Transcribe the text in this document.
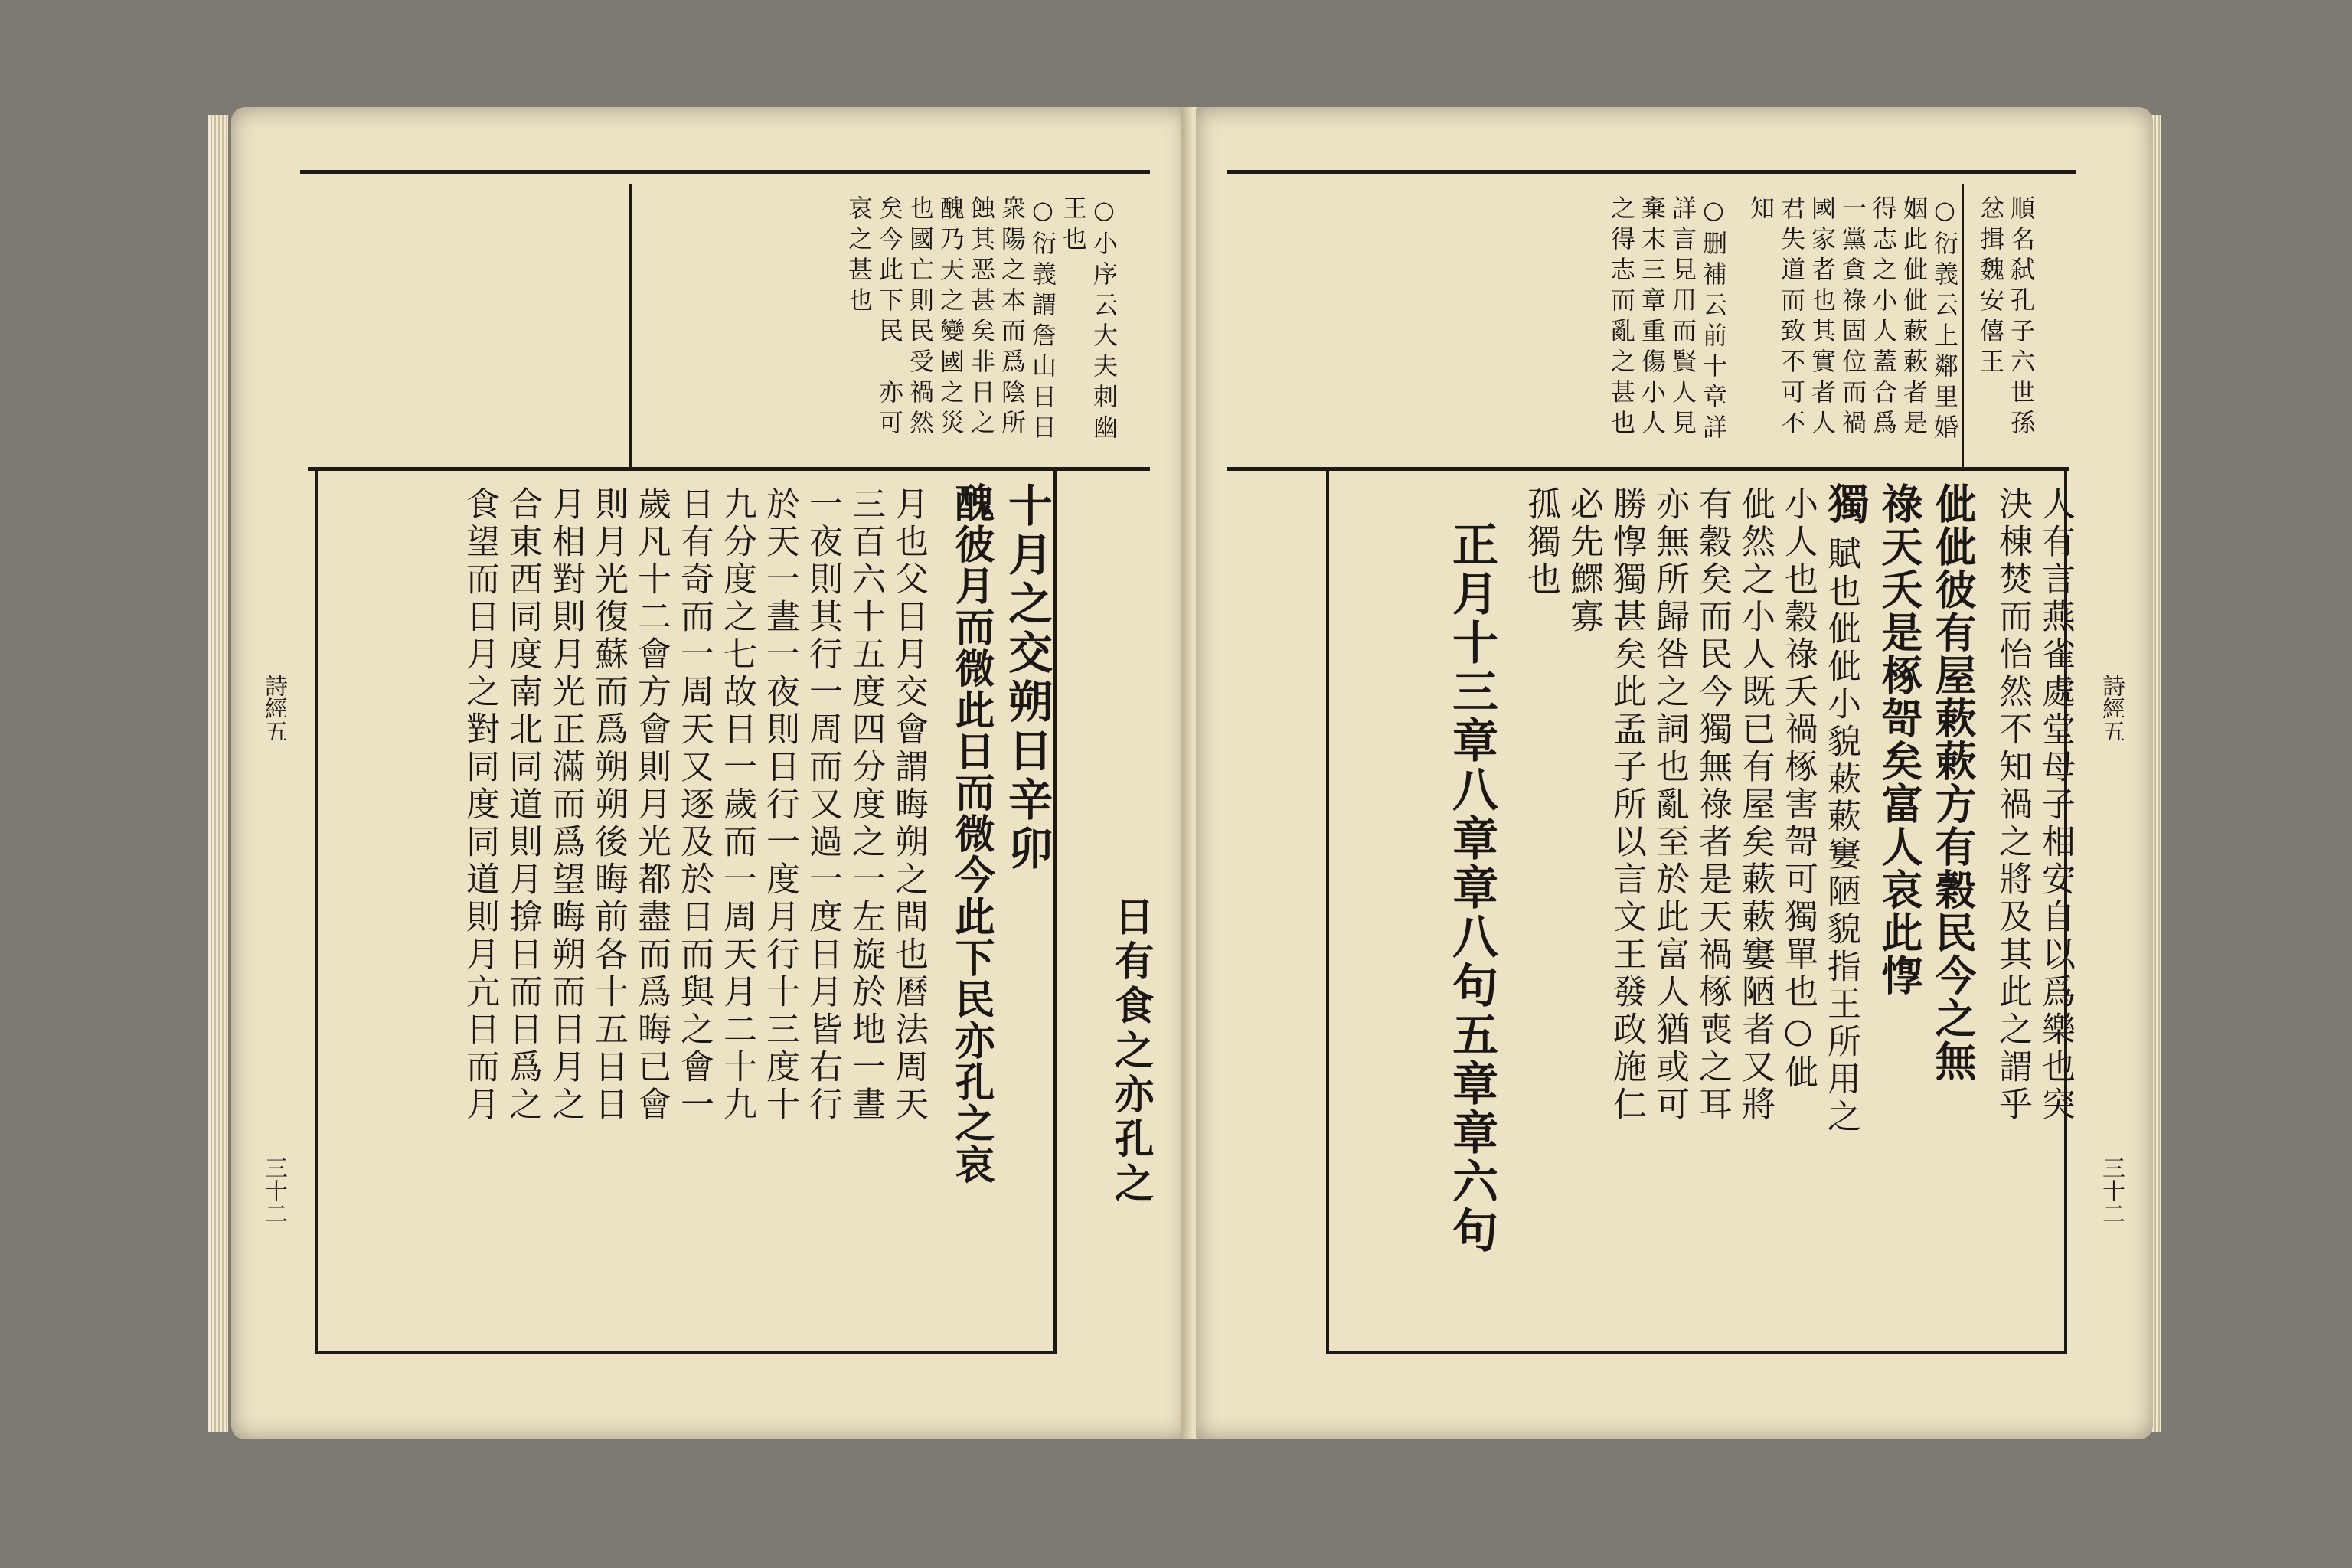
○小序云大夫刺幽
王也
○衍義謂詹山日日
衆陽之本而爲陰所
蝕其恶甚矣非日之
醜乃天之變國之災
也國亡則民受禍然
矣今此下民　亦可
哀之甚也
十月之交朔日辛卯
醜彼月而微此日而微今此下民亦孔之哀	日有食之亦孔之
月也父日月交會謂晦朔之間也曆法周天
三百六十五度四分度之一左旋於地一晝
一夜則其行一周而又過一度日月皆右行
於天一晝一夜則日行一度月行十三度十
九分度之七故日一歲而一周天月二十九
日有奇而一周天又逐及於日而與之會一
歲凡十二會方會則月光都盡而爲晦已會
則月光復蘇而爲朔朔後晦前各十五日日
月相對則月光正滿而爲望晦朔而日月之
合東西同度南北同道則月揜日而日爲之
食望而日月之對同度同道則月亢日而月
詩經五
三十二
順名弑孔子六世孫
忿揖魏安僖王
○衍義云上鄰里婚
姻此佌佌蔌蔌者是
得志之小人蓋合爲
一黨貪祿固位而禍
國家者也其實者人
君失道而致不可不
知
○删補云前十章詳
詳言見用而賢人見
棄末三章重傷小人
之得志而亂之甚也
人有言燕雀處堂母子相安自以爲樂也突
決棟焚而怡然不知禍之將及其此之謂乎
佌佌彼有屋蔌蔌方有穀民今之無
祿天夭是椓哿矣富人哀此惸
獨
賦也佌佌小貌蔌蔌窶陋貌指王所用之
小人也穀祿夭禍椓害哿可獨單也○佌
佌然之小人既已有屋矣蔌蔌窶陋者又將
有穀矣而民今獨無祿者是天禍椓喪之耳
亦無所歸咎之詞也亂至於此富人猶或可
勝惸獨甚矣此孟子所以言文王發政施仁
必先鰥寡
孤獨也
正月十三章八章章八句五章章六句	詩經五
三十二
